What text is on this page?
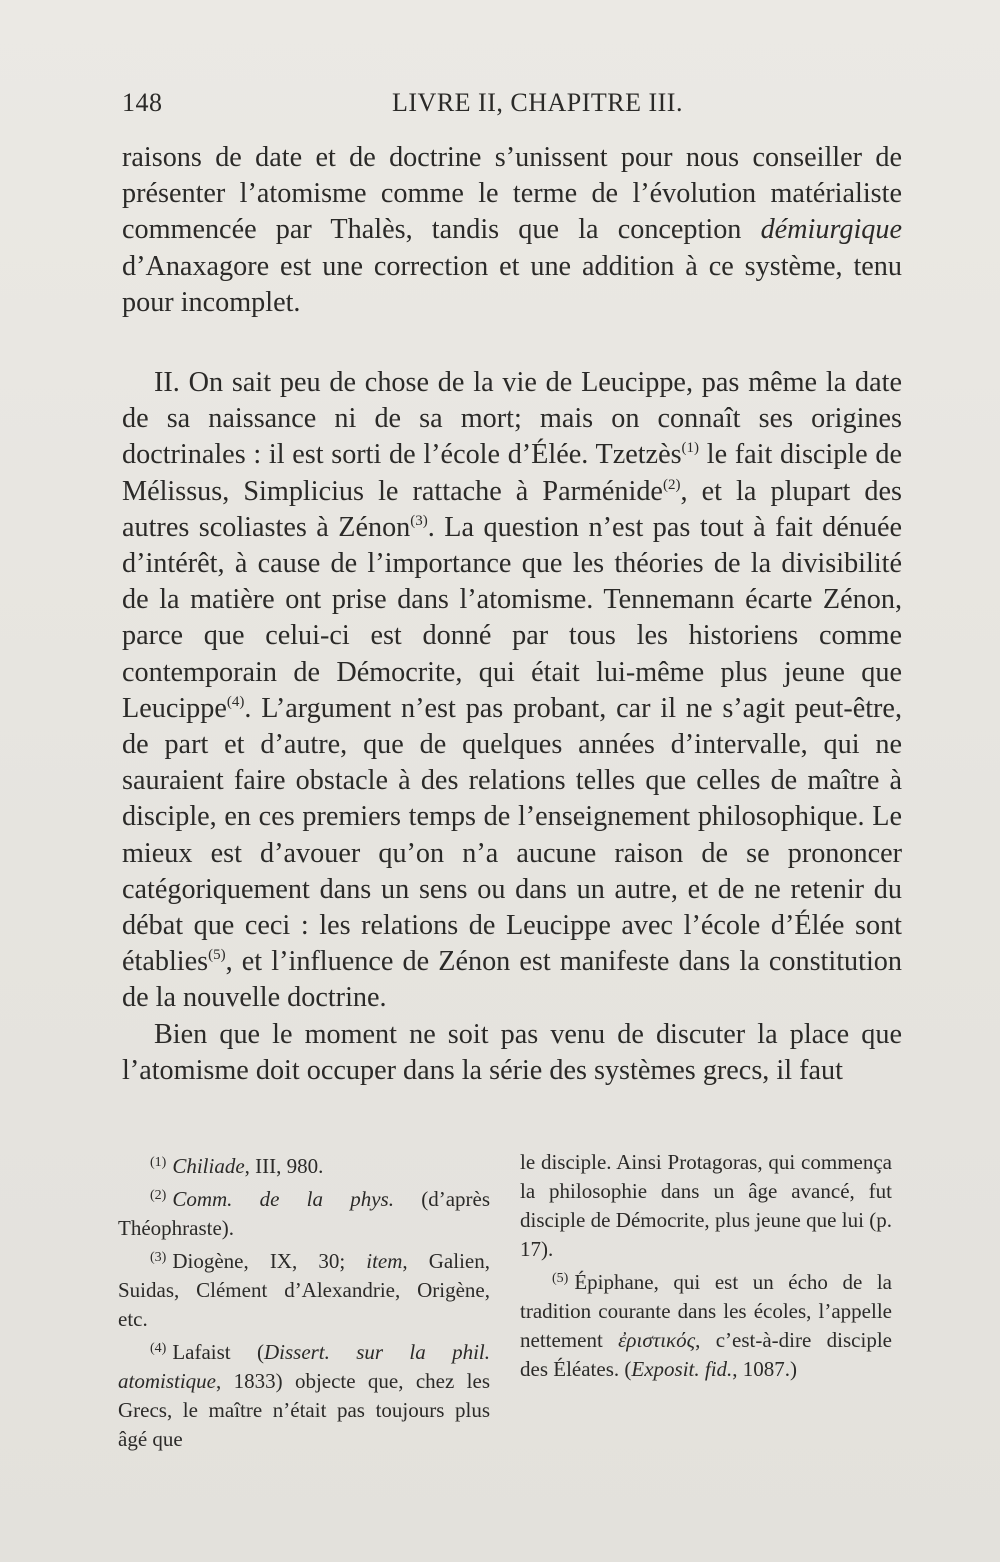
148	LIVRE II, CHAPITRE III.

raisons de date et de doctrine s’unissent pour nous conseiller de présenter l’atomisme comme le terme de l’évolution matérialiste commencée par Thalès, tandis que la conception démiurgique d’Anaxagore est une correction et une addition à ce système, tenu pour incomplet.

II. On sait peu de chose de la vie de Leucippe, pas même la date de sa naissance ni de sa mort; mais on connaît ses origines doctrinales : il est sorti de l’école d’Élée. Tzetzès$^{(1)}$ le fait disciple de Mélissus, Simplicius le rattache à Parménide$^{(2)}$, et la plupart des autres scoliastes à Zénon$^{(3)}$. La question n’est pas tout à fait dénuée d’intérêt, à cause de l’importance que les théories de la divisibilité de la matière ont prise dans l’atomisme. Tennemann écarte Zénon, parce que celui-ci est donné par tous les historiens comme contemporain de Démocrite, qui était lui-même plus jeune que Leucippe$^{(4)}$. L’argument n’est pas probant, car il ne s’agit peut-être, de part et d’autre, que de quelques années d’intervalle, qui ne sauraient faire obstacle à des relations telles que celles de maître à disciple, en ces premiers temps de l’enseignement philosophique. Le mieux est d’avouer qu’on n’a aucune raison de se prononcer catégoriquement dans un sens ou dans un autre, et de ne retenir du débat que ceci : les relations de Leucippe avec l’école d’Élée sont établies$^{(5)}$, et l’influence de Zénon est manifeste dans la constitution de la nouvelle doctrine.

Bien que le moment ne soit pas venu de discuter la place que l’atomisme doit occuper dans la série des systèmes grecs, il faut

$^{(1)}$ Chiliade, III, 980.

$^{(2)}$ Comm. de la phys. (d’après Théophraste).

$^{(3)}$ Diogène, IX, 30; item, Galien, Suidas, Clément d’Alexandrie, Origène, etc.

$^{(4)}$ Lafaist (Dissert. sur la phil. atomistique, 1833) objecte que, chez les Grecs, le maître n’était pas toujours plus âgé que

le disciple. Ainsi Protagoras, qui commença la philosophie dans un âge avancé, fut disciple de Démocrite, plus jeune que lui (p. 17).

$^{(5)}$ Épiphane, qui est un écho de la tradition courante dans les écoles, l’appelle nettement ἐριστικός, c’est-à-dire disciple des Éléates. (Exposit. fid., 1087.)
